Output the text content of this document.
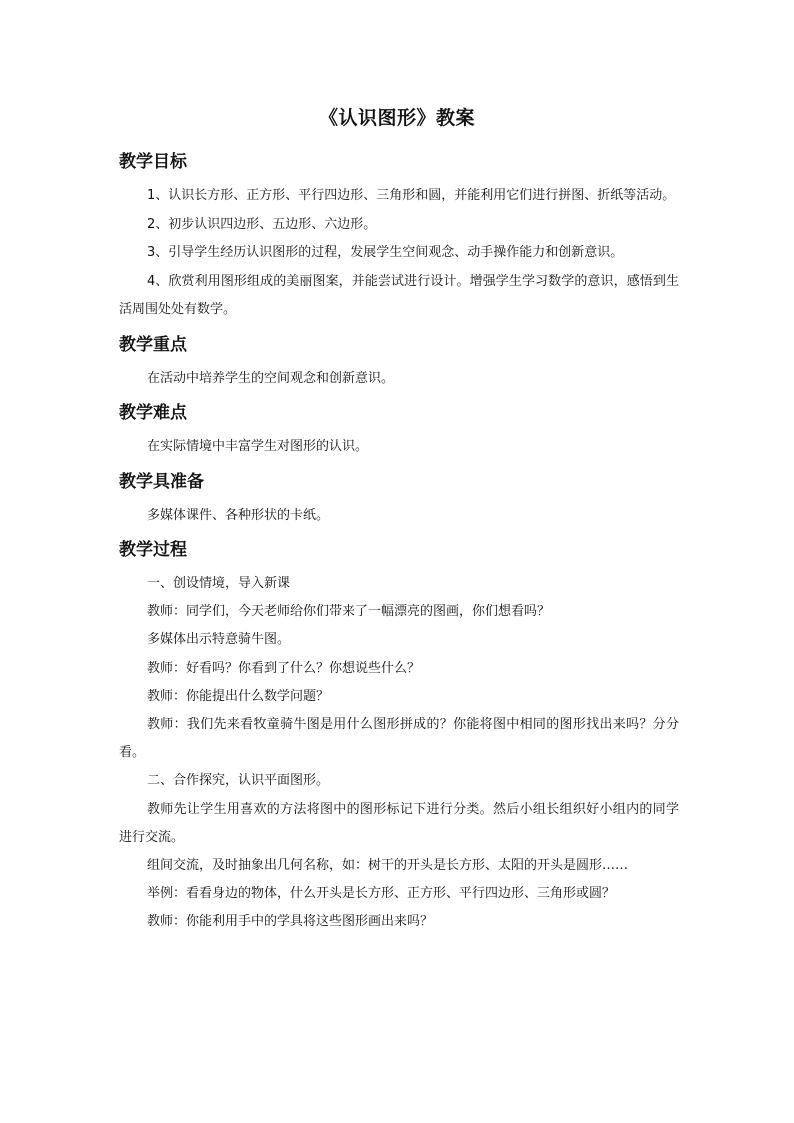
《认识图形》教案
教学目标

1、认识长方形、正方形、平行四边形、三角形和圆，并能利用它们进行拼图、折纸等活动。

2、初步认识四边形、五边形、六边形。

3、引导学生经历认识图形的过程，发展学生空间观念、动手操作能力和创新意识。

4、欣赏利用图形组成的美丽图案，并能尝试进行设计。增强学生学习数学的意识，感悟到生活周围处处有数学。

教学重点

在活动中培养学生的空间观念和创新意识。

教学难点

在实际情境中丰富学生对图形的认识。

教学具准备

多媒体课件、各种形状的卡纸。

教学过程

一、创设情境，导入新课

教师：同学们，今天老师给你们带来了一幅漂亮的图画，你们想看吗？

多媒体出示特意骑牛图。

教师：好看吗？你看到了什么？你想说些什么？

教师：你能提出什么数学问题？

教师：我们先来看牧童骑牛图是用什么图形拼成的？你能将图中相同的图形找出来吗？分分看。

二、合作探究，认识平面图形。

教师先让学生用喜欢的方法将图中的图形标记下进行分类。然后小组长组织好小组内的同学进行交流。

组间交流，及时抽象出几何名称，如：树干的开头是长方形、太阳的开头是圆形……

举例：看看身边的物体，什么开头是长方形、正方形、平行四边形、三角形或圆？

教师：你能利用手中的学具将这些图形画出来吗？
